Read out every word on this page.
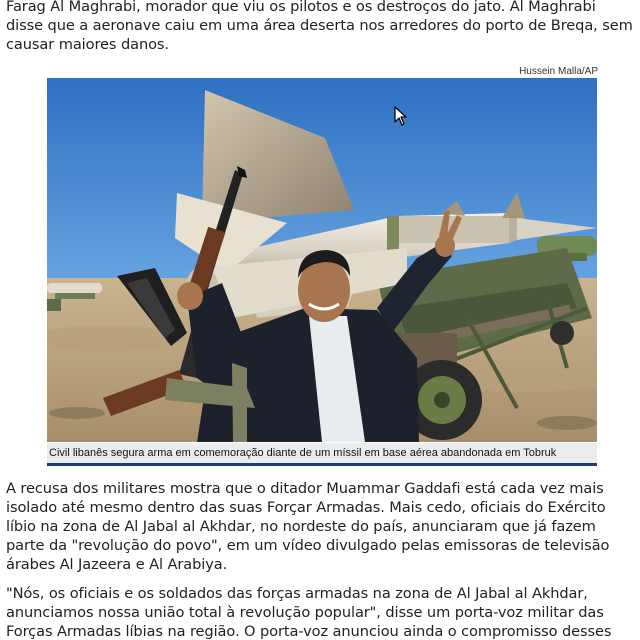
Farag Al Maghrabi, morador que viu os pilotos e os destroços do jato. Al Maghrabi disse que a aeronave caiu em uma área deserta nos arredores do porto de Breqa, sem causar maiores danos.

Hussein Malla/AP
Civil libanês segura arma em comemoração diante de um míssil em base aérea abandonada em Tobruk

A recusa dos militares mostra que o ditador Muammar Gaddafi está cada vez mais isolado até mesmo dentro das suas Forçar Armadas. Mais cedo, oficiais do Exército líbio na zona de Al Jabal al Akhdar, no nordeste do país, anunciaram que já fazem parte da "revolução do povo", em um vídeo divulgado pelas emissoras de televisão árabes Al Jazeera e Al Arabiya.

"Nós, os oficiais e os soldados das forças armadas na zona de Al Jabal al Akhdar, anunciamos nossa união total à revolução popular", disse um porta-voz militar das Forças Armadas líbias na região. O porta-voz anunciou ainda o compromisso desses
